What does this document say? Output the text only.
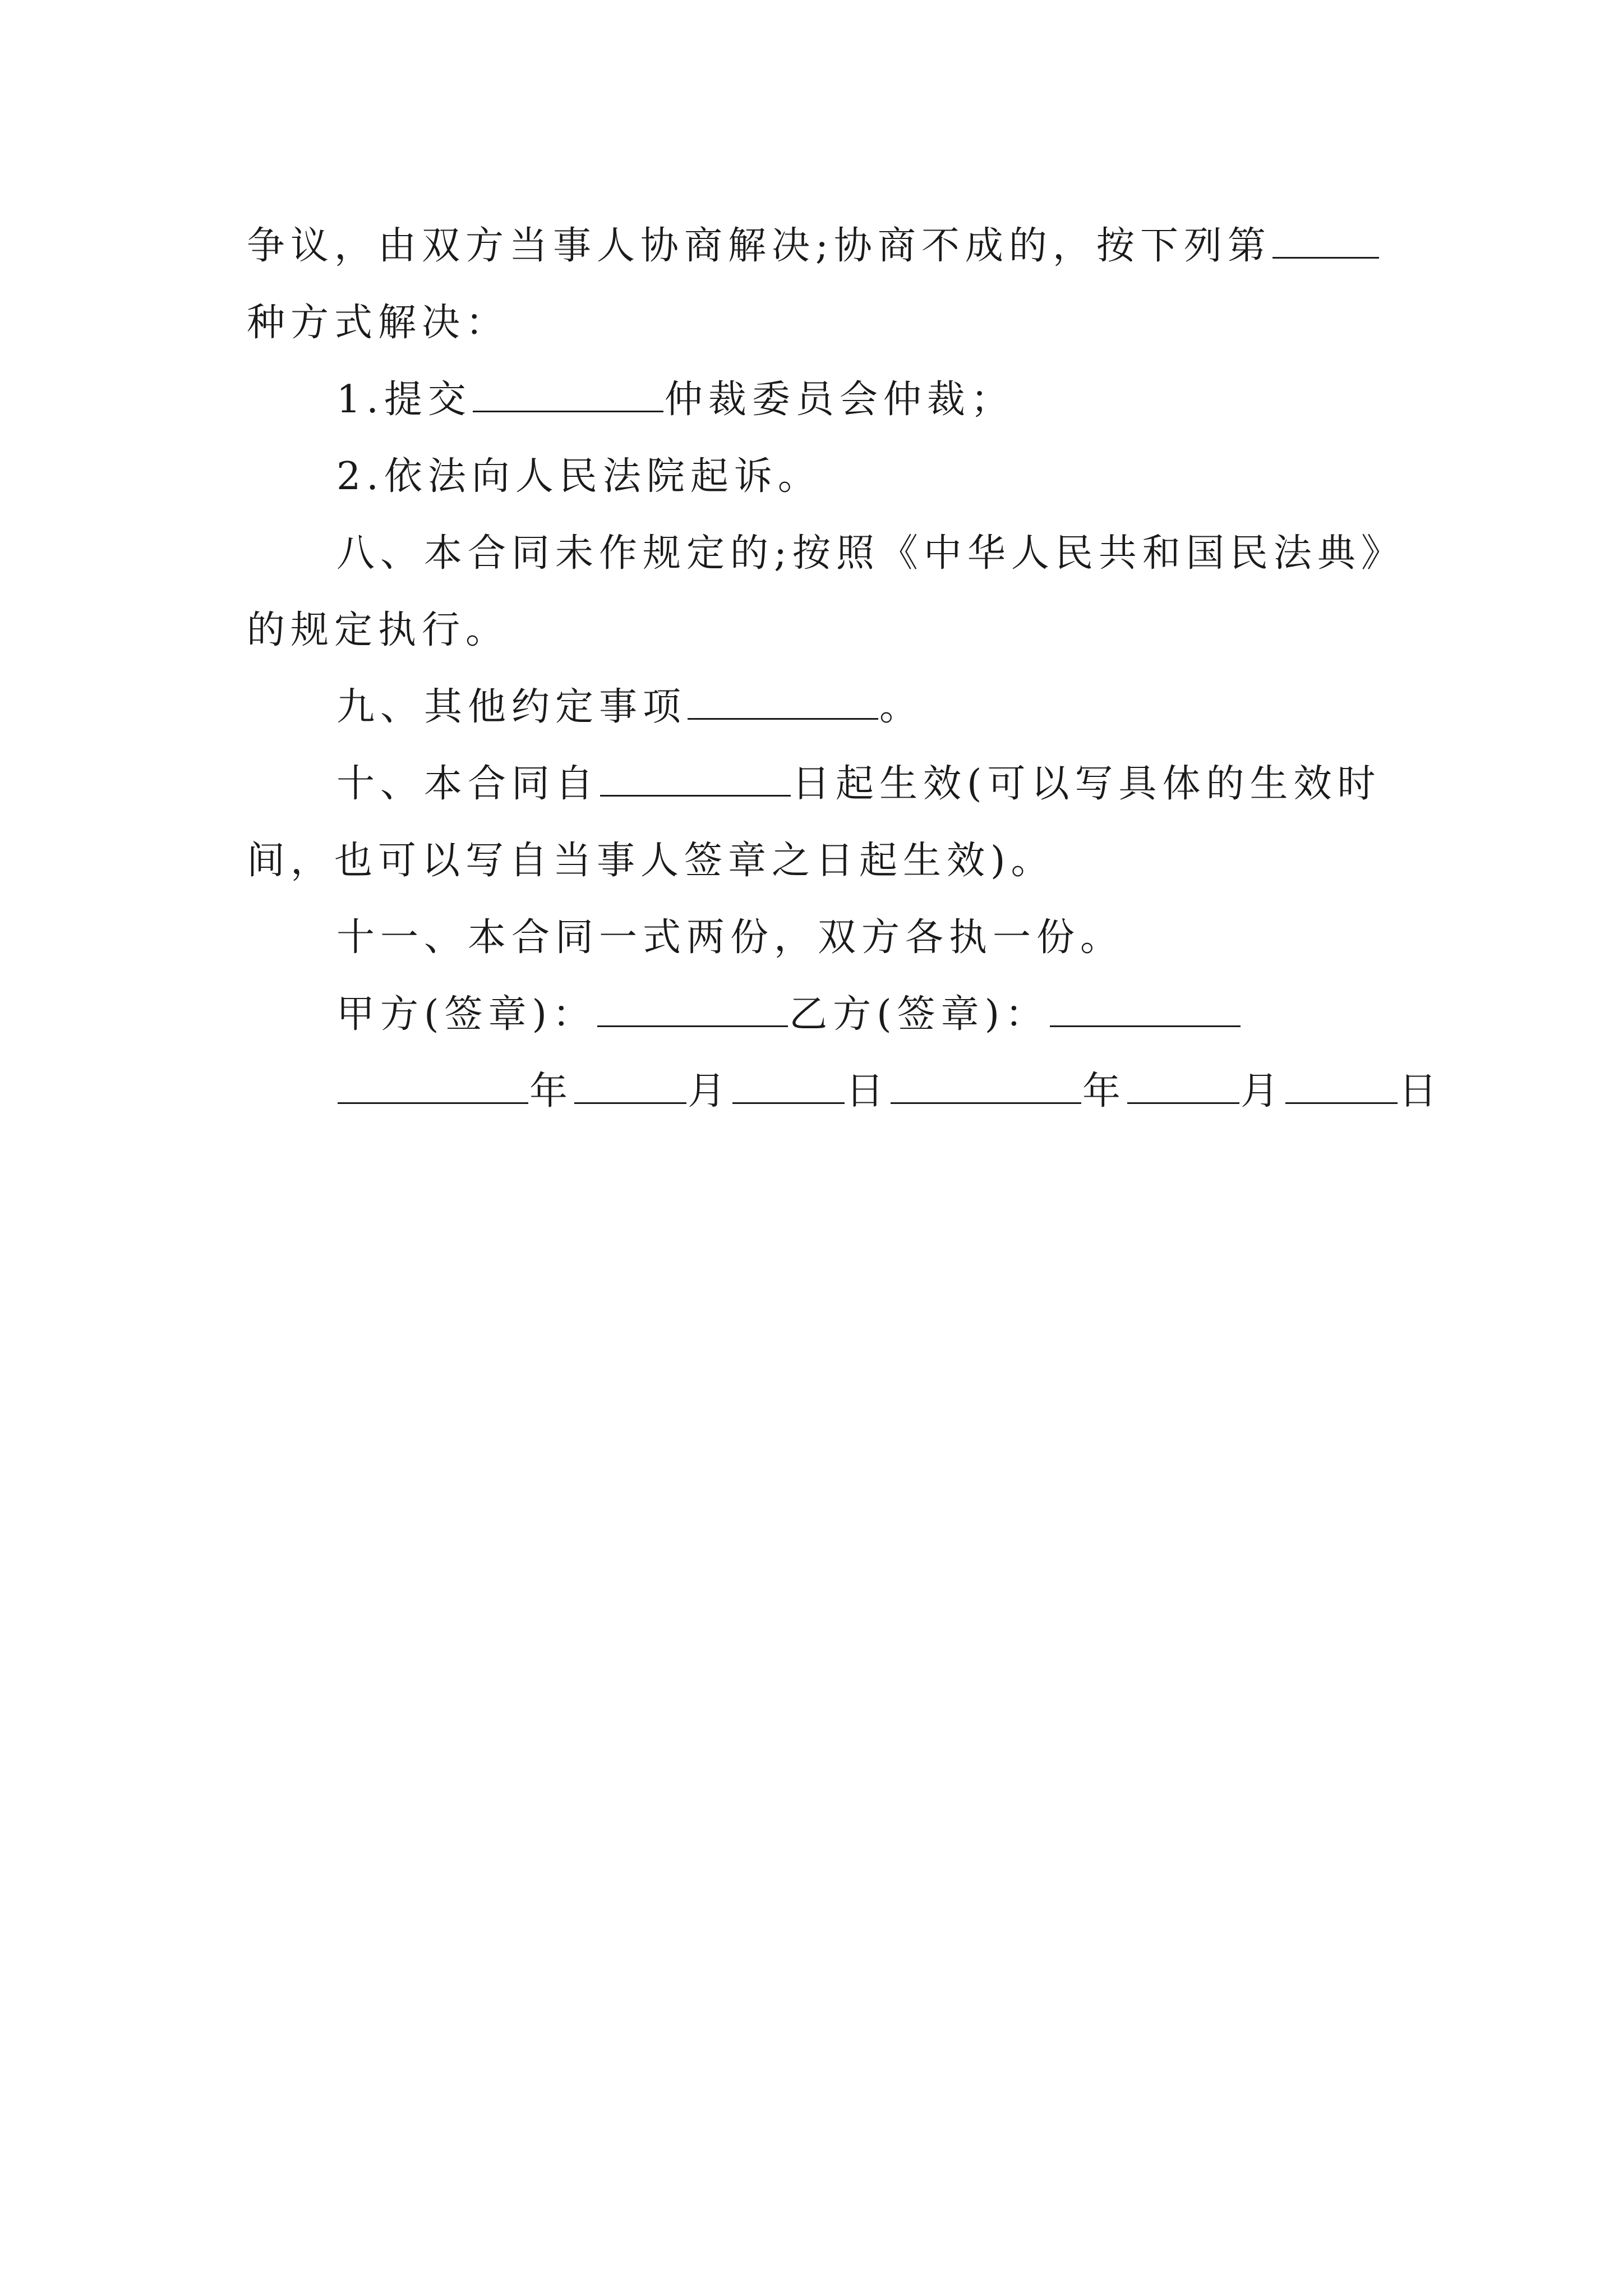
争议，由双方当事人协商解决;协商不成的，按下列第
种方式解决：
1.提交	仲裁委员会仲裁；
2.依法向人民法院起诉。
八、本合同未作规定的;按照《中华人民共和国民法典》
的规定执行。
九、其他约定事项	。
十、本合同自	日起生效(可以写具体的生效时
间，也可以写自当事人签章之日起生效)。
十一、本合同一式两份，双方各执一份。
甲方(签章)：	乙方(签章)：
年	月	日	年	月	日
